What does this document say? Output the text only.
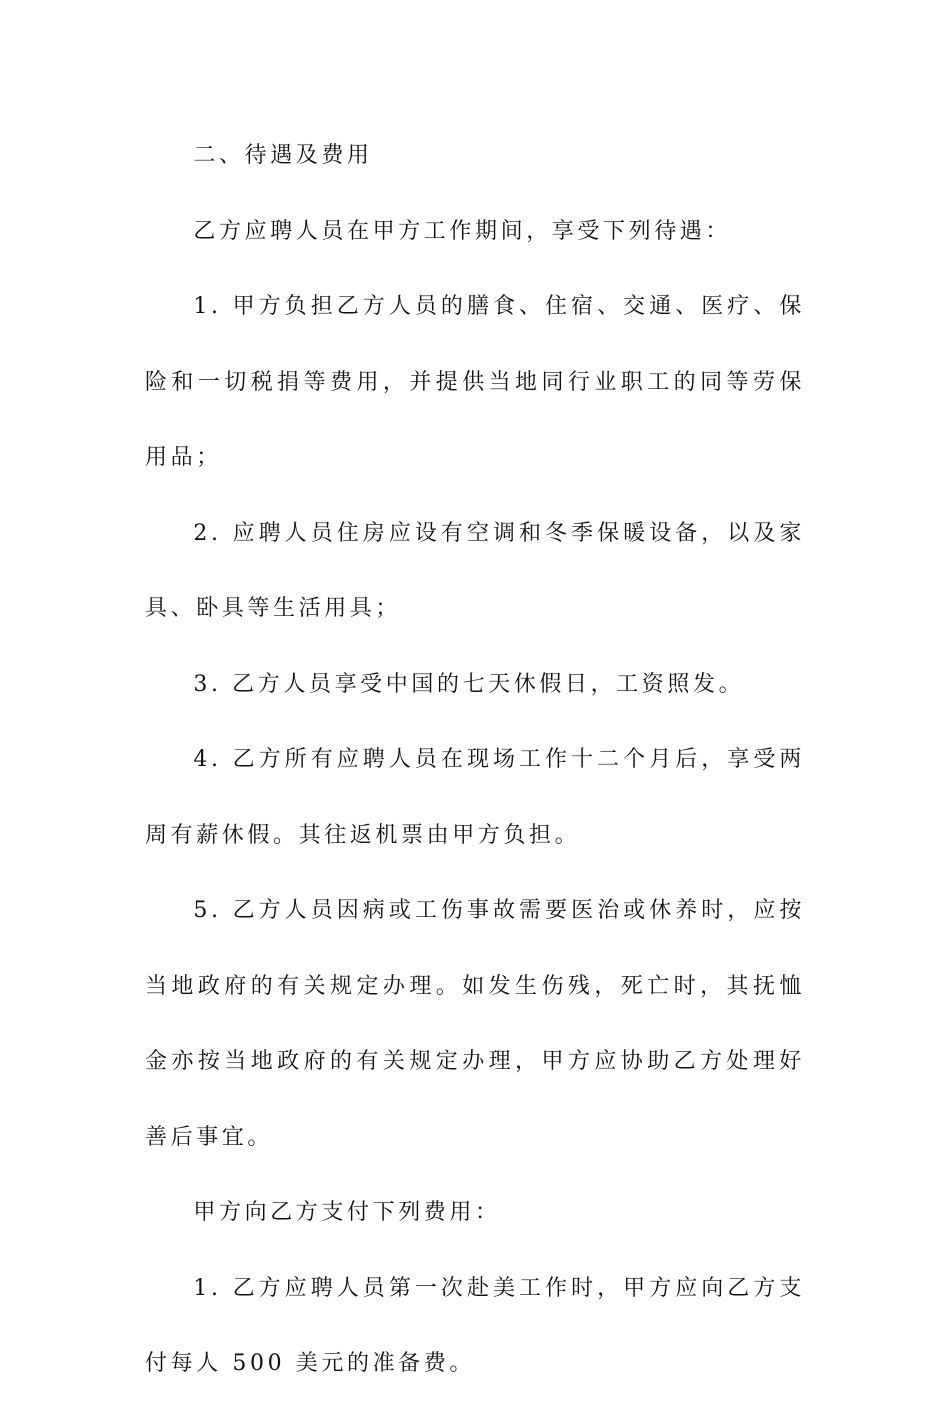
二、待遇及费用

乙方应聘人员在甲方工作期间，享受下列待遇：

1. 甲方负担乙方人员的膳食、住宿、交通、医疗、保险和一切税捐等费用，并提供当地同行业职工的同等劳保用品；

2. 应聘人员住房应设有空调和冬季保暖设备，以及家具、卧具等生活用具；

3. 乙方人员享受中国的七天休假日，工资照发。

4. 乙方所有应聘人员在现场工作十二个月后，享受两周有薪休假。其往返机票由甲方负担。

5. 乙方人员因病或工伤事故需要医治或休养时，应按当地政府的有关规定办理。如发生伤残，死亡时，其抚恤金亦按当地政府的有关规定办理，甲方应协助乙方处理好善后事宜。

甲方向乙方支付下列费用：

1. 乙方应聘人员第一次赴美工作时，甲方应向乙方支付每人 500 美元的准备费。
